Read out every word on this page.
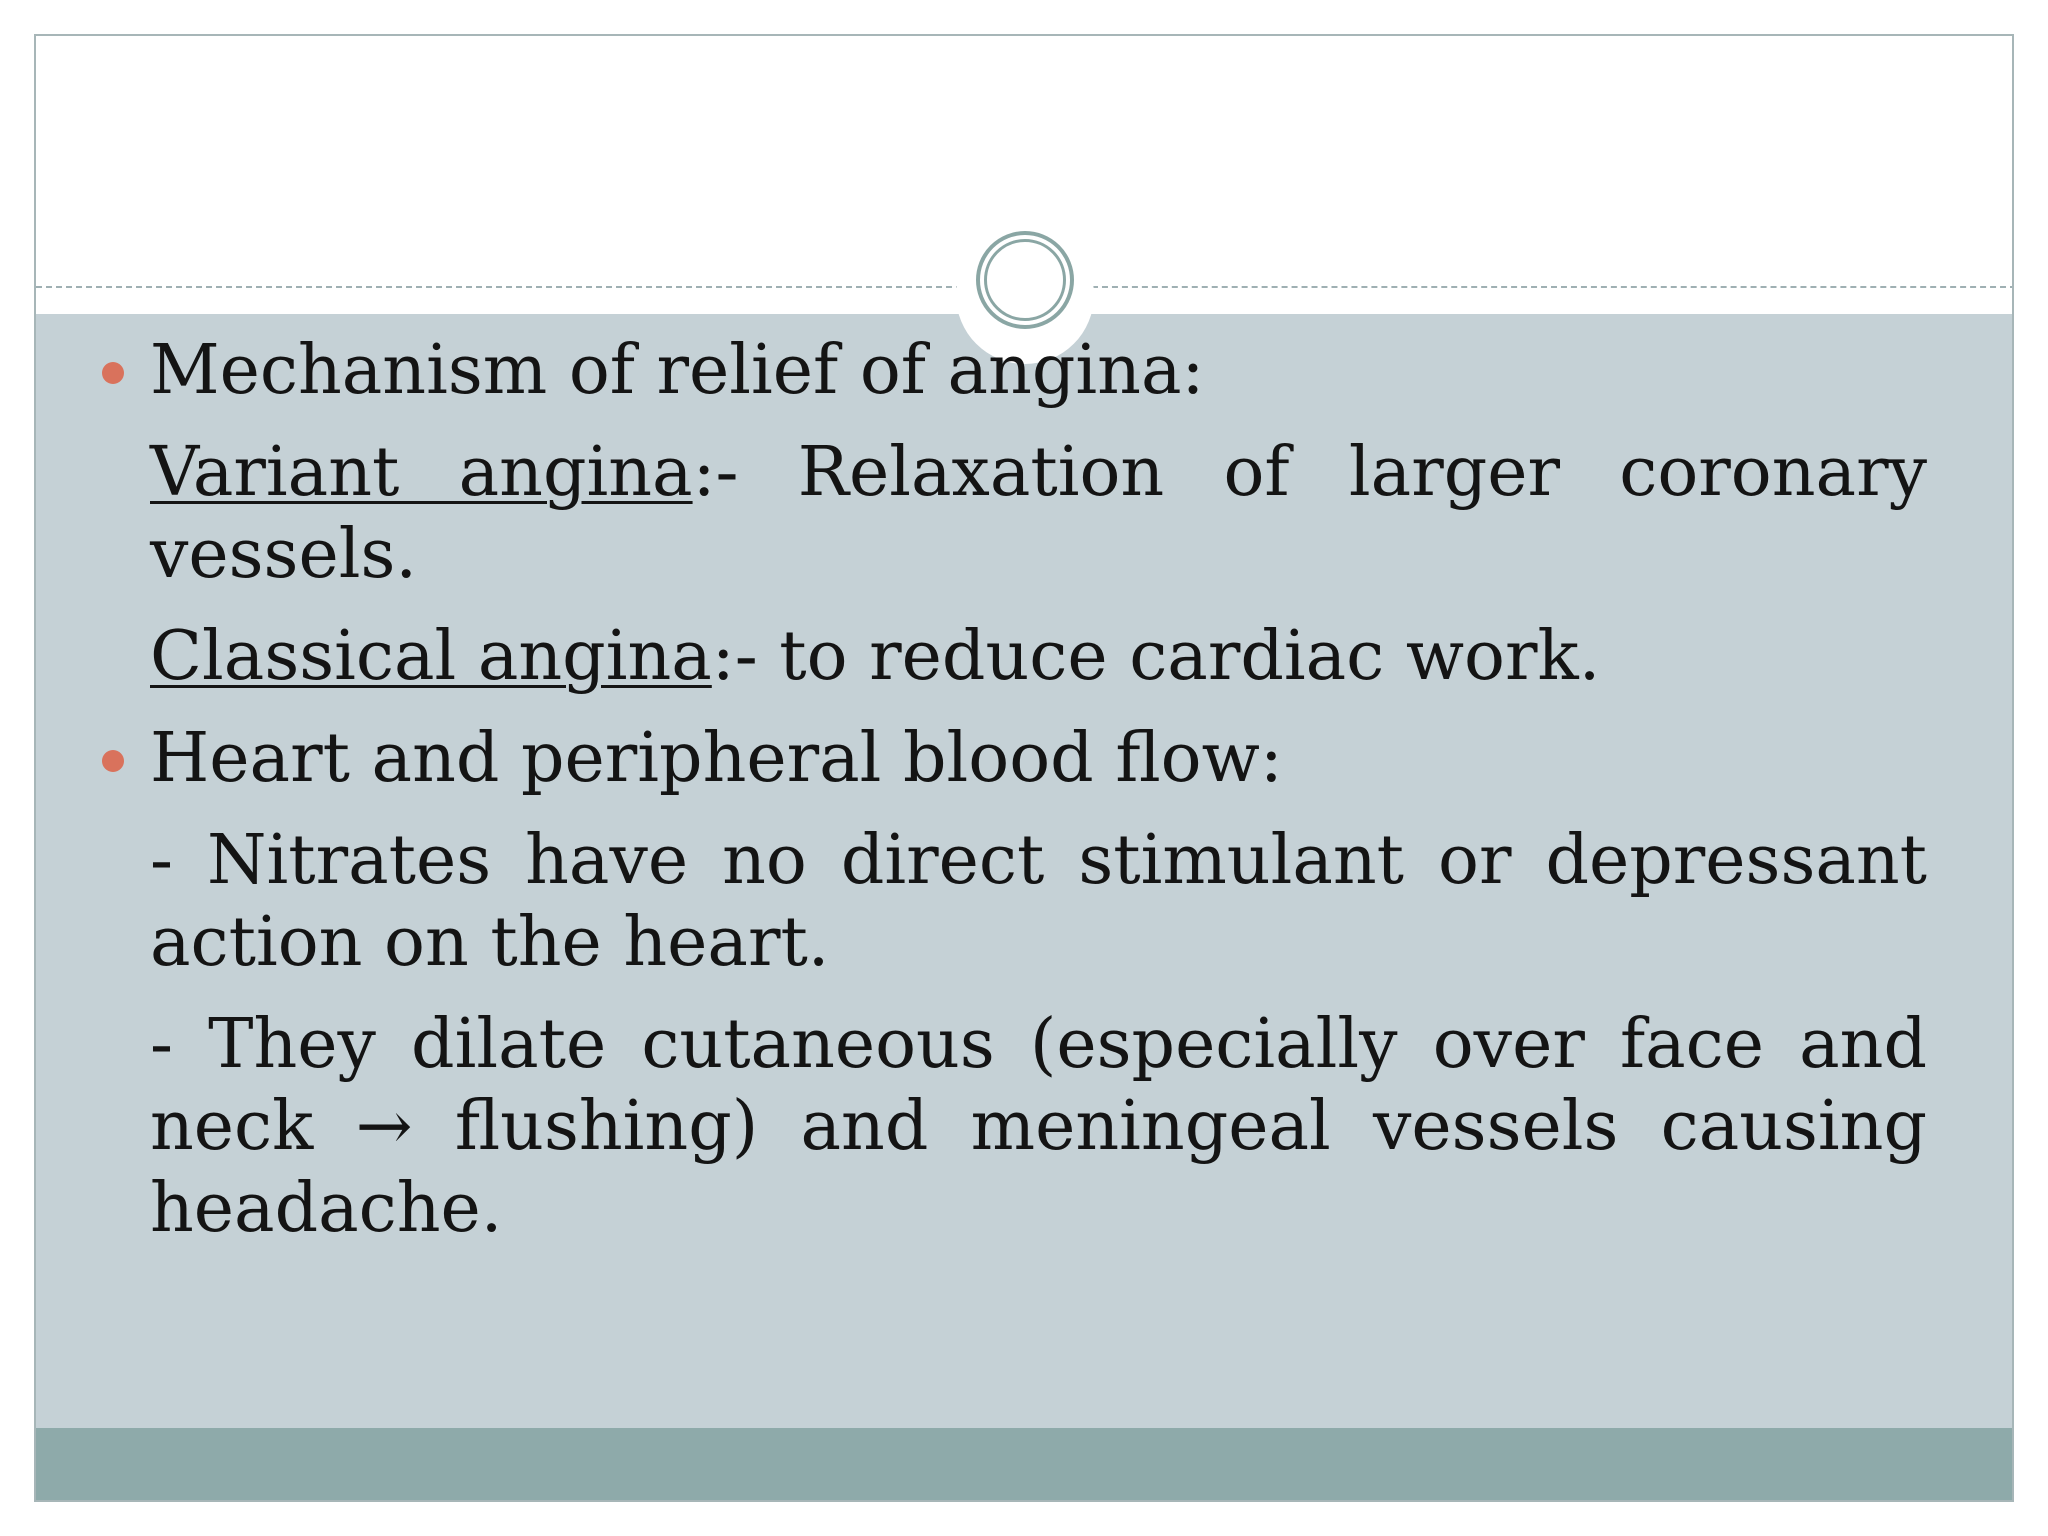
Mechanism of relief of angina:

Variant angina:- Relaxation of larger coronary vessels.

Classical angina:- to reduce cardiac work.

Heart and peripheral blood flow:

- Nitrates have no direct stimulant or depressant action on the heart.

- They dilate cutaneous (especially over face and neck → flushing) and meningeal vessels causing headache.
